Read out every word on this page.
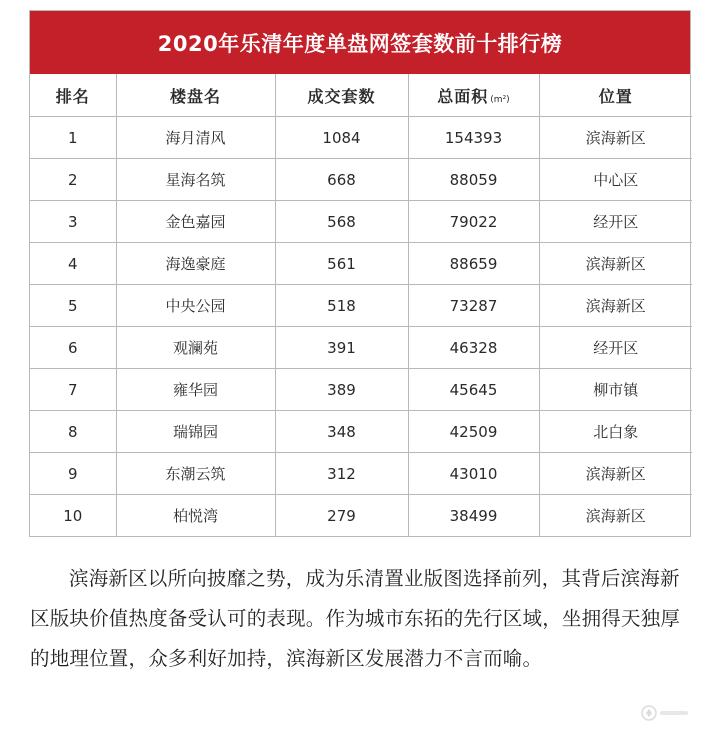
2020年乐清年度单盘网签套数前十排行榜
排名	楼盘名	成交套数	总面积 (m²)	位置
1	海月清风	1084	154393	滨海新区
2	星海名筑	668	88059	中心区
3	金色嘉园	568	79022	经开区
4	海逸豪庭	561	88659	滨海新区
5	中央公园	518	73287	滨海新区
6	观澜苑	391	46328	经开区
7	雍华园	389	45645	柳市镇
8	瑞锦园	348	42509	北白象
9	东潮云筑	312	43010	滨海新区
10	柏悦湾	279	38499	滨海新区

滨海新区以所向披靡之势，成为乐清置业版图选择前列，其背后滨海新区版块价值热度备受认可的表现。作为城市东拓的先行区域，坐拥得天独厚的地理位置，众多利好加持，滨海新区发展潜力不言而喻。
